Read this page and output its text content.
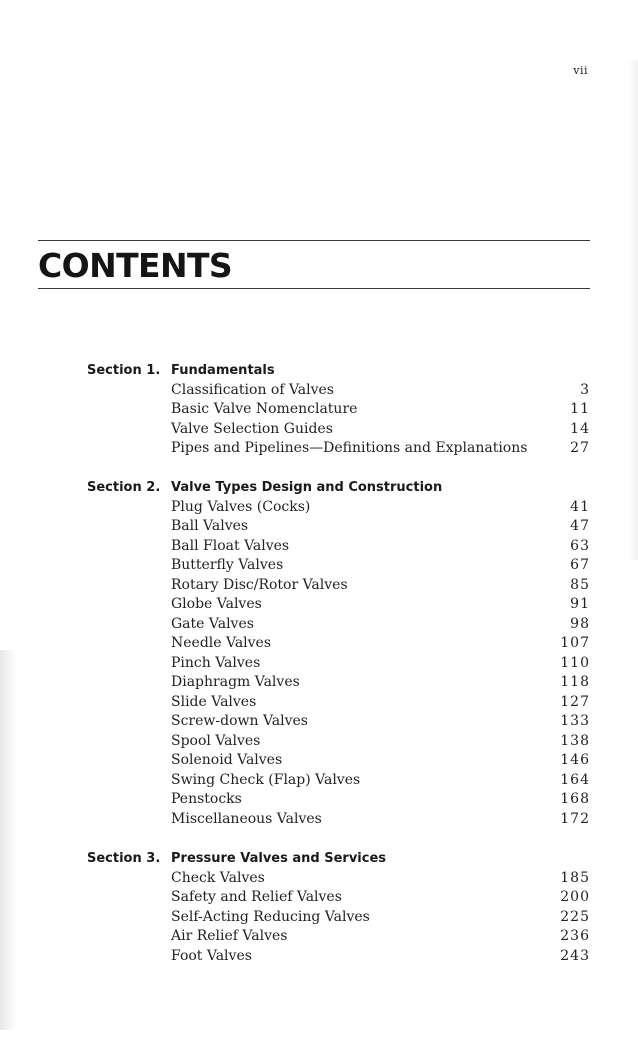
vii
CONTENTS
Section 1. Fundamentals
Classification of Valves	3
Basic Valve Nomenclature	11
Valve Selection Guides	14
Pipes and Pipelines—Definitions and Explanations	27
Section 2. Valve Types Design and Construction
Plug Valves (Cocks)	41
Ball Valves	47
Ball Float Valves	63
Butterfly Valves	67
Rotary Disc/Rotor Valves	85
Globe Valves	91
Gate Valves	98
Needle Valves	107
Pinch Valves	110
Diaphragm Valves	118
Slide Valves	127
Screw-down Valves	133
Spool Valves	138
Solenoid Valves	146
Swing Check (Flap) Valves	164
Penstocks	168
Miscellaneous Valves	172
Section 3. Pressure Valves and Services
Check Valves	185
Safety and Relief Valves	200
Self-Acting Reducing Valves	225
Air Relief Valves	236
Foot Valves	243
